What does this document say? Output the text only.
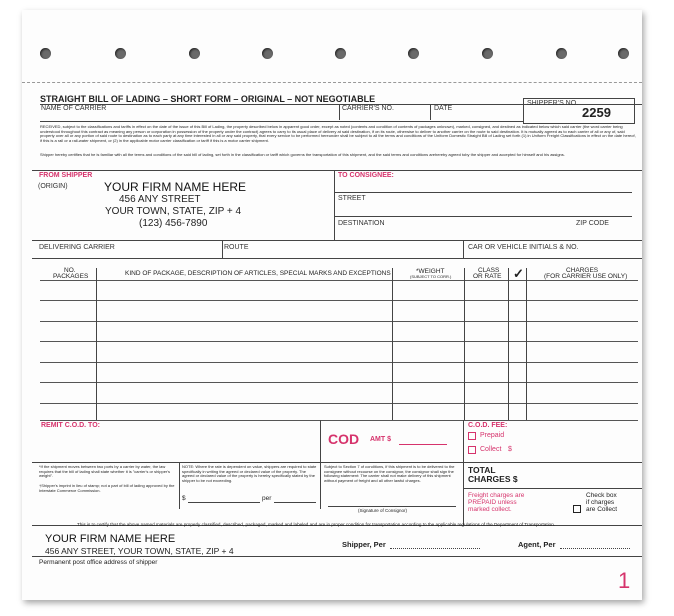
STRAIGHT BILL OF LADING – SHORT FORM – ORIGINAL – NOT NEGOTIABLE
NAME OF CARRIER	CARRIER'S NO.	DATE
SHIPPER'S NO.
2259
RECEIVED, subject to the classifications and tariffs in effect on the date of the issue of this Bill of Lading, the property described below in apparent good order, except as noted (contents and condition of contents of packages unknown), marked, consigned, and destined as indicated below which said carrier (the word carrier being understood throughout this contract as meaning any person or corporation in possession of the property under the contract) agrees to carry to its usual place of delivery at said destination, if on its route, otherwise to deliver to another carrier on the route to said destination. It is mutually agreed as to each carrier of all or any of, said property over all or any portion of said route to destination as to each party at any time interested in all or any said property, that every service to be performed hereunder shall be subject to all the terms and conditions of the Uniform Domestic Straight Bill of Lading set forth (1) in Uniform Freight Classifications in effect on the date hereof, if this is a rail or a rail-water shipment, or (2) in the applicable motor carrier classification or tariff if this is a motor carrier shipment.
Shipper hereby certifies that he is familiar with all the terms and conditions of the said bill of lading, set forth in the classification or tariff which governs the transportation of this shipment, and the said terms and conditions arehereby agreed toby the shipper and accepted for himself and his assigns.
FROM SHIPPER
(ORIGIN)	YOUR FIRM NAME HERE
456 ANY STREET
YOUR TOWN, STATE, ZIP + 4
(123) 456-7890
TO CONSIGNEE:
STREET
DESTINATION	ZIP CODE
DELIVERING CARRIER	ROUTE	CAR OR VEHICLE INITIALS & NO.
NO.
PACKAGES	KIND OF PACKAGE, DESCRIPTION OF ARTICLES, SPECIAL MARKS AND EXCEPTIONS	*WEIGHT
(SUBJECT TO CORR.)
CLASS
OR RATE ✓	CHARGES
(FOR CARRIER USE ONLY)
REMIT C.O.D. TO:
COD AMT $
C.O.D. FEE:
Prepaid
Collect $
*If the shipment moves between two ports by a carrier by water, the law requires that the bill of lading shall state whether it is "carrier's or shipper's weight".
†Shipper's imprint in lieu of stamp; not a part of bill of lading approved by the Interstate Commerce Commission.
NOTE: Where the rate is dependent on value, shippers are required to state specifically in writing the agreed or declared value of the property. The agreed or declared value of the property is hereby specifically stated by the shipper to be not exceeding.
$	per
Subject to Section 7 of conditions, if this shipment is to be delivered to the consignee without recourse on the consignor, the consignor shall sign the following statement: The carrier shall not make delivery of this shipment without payment of freight and all other lawful charges.
(Signature of Consignor)
TOTAL
CHARGES $
Freight charges are
PREPAID unless
marked collect.
Check box
if charges
are Collect
This is to certify that the above named materials are properly classified, described, packaged, marked and labeled and are in proper condition for transportation according to the applicable regulations of the Department of Transportation.
YOUR FIRM NAME HERE
456 ANY STREET, YOUR TOWN, STATE, ZIP + 4
Shipper, Per	Agent, Per
Permanent post office address of shipper
1
